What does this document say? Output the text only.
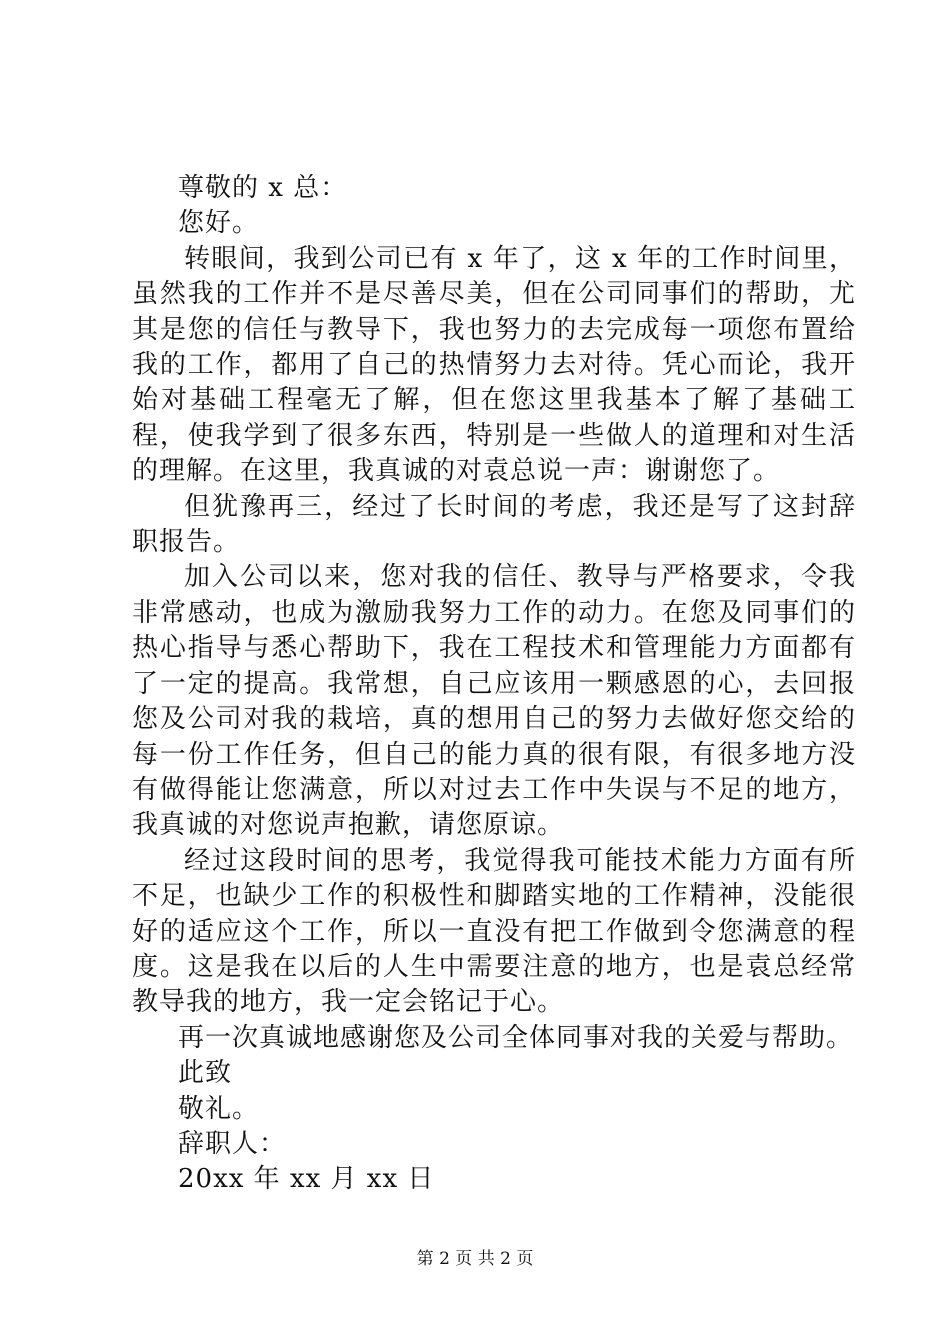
尊敬的 x 总：

您好。

转眼间，我到公司已有 x 年了，这 x 年的工作时间里，虽然我的工作并不是尽善尽美，但在公司同事们的帮助，尤其是您的信任与教导下，我也努力的去完成每一项您布置给我的工作，都用了自己的热情努力去对待。凭心而论，我开始对基础工程毫无了解，但在您这里我基本了解了基础工程，使我学到了很多东西，特别是一些做人的道理和对生活的理解。在这里，我真诚的对袁总说一声：谢谢您了。

但犹豫再三，经过了长时间的考虑，我还是写了这封辞职报告。

加入公司以来，您对我的信任、教导与严格要求，令我非常感动，也成为激励我努力工作的动力。在您及同事们的热心指导与悉心帮助下，我在工程技术和管理能力方面都有了一定的提高。我常想，自己应该用一颗感恩的心，去回报您及公司对我的栽培，真的想用自己的努力去做好您交给的每一份工作任务，但自己的能力真的很有限，有很多地方没有做得能让您满意，所以对过去工作中失误与不足的地方，我真诚的对您说声抱歉，请您原谅。

经过这段时间的思考，我觉得我可能技术能力方面有所不足，也缺少工作的积极性和脚踏实地的工作精神，没能很好的适应这个工作，所以一直没有把工作做到令您满意的程度。这是我在以后的人生中需要注意的地方，也是袁总经常教导我的地方，我一定会铭记于心。

再一次真诚地感谢您及公司全体同事对我的关爱与帮助。

此致

敬礼。

辞职人：

20xx 年 xx 月 xx 日

第 2 页 共 2 页
